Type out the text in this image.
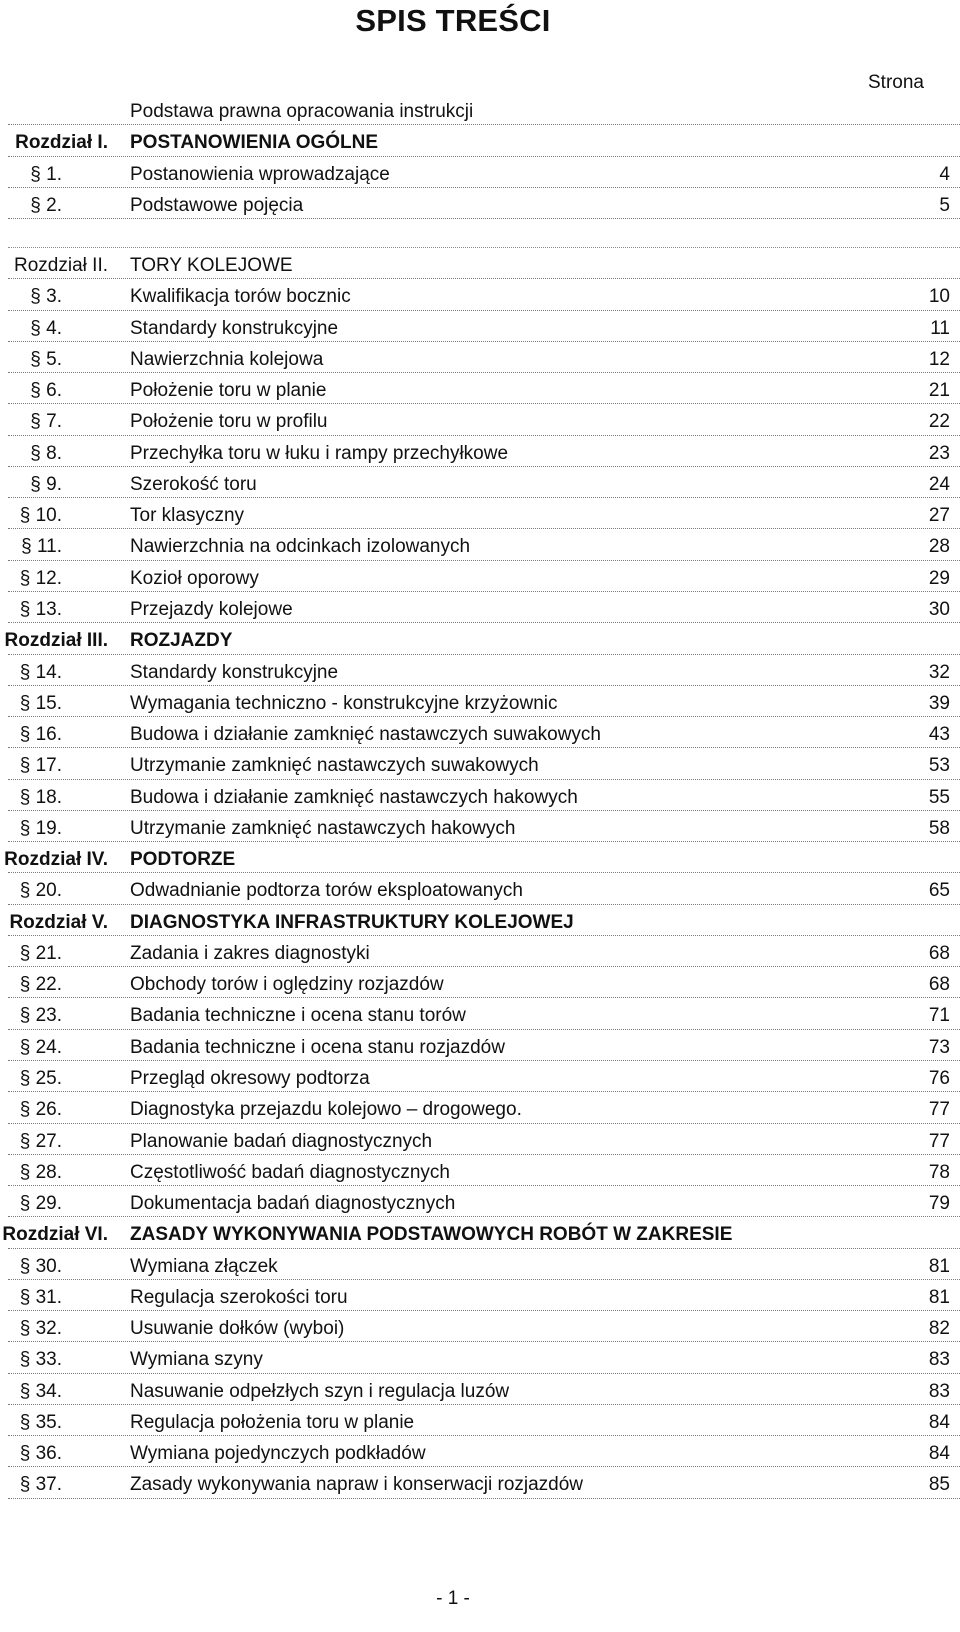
SPIS TREŚCI
Strona
Podstawa prawna opracowania instrukcji
Rozdział I. POSTANOWIENIA OGÓLNE
§ 1.	Postanowienia wprowadzające	4
§ 2.	Podstawowe pojęcia	5
Rozdział II. TORY KOLEJOWE
§ 3.	Kwalifikacja torów bocznic	10
§ 4.	Standardy konstrukcyjne	11
§ 5.	Nawierzchnia kolejowa	12
§ 6.	Położenie toru w planie	21
§ 7.	Położenie toru w profilu	22
§ 8.	Przechyłka toru w łuku i rampy przechyłkowe	23
§ 9.	Szerokość toru	24
§ 10.	Tor klasyczny	27
§ 11.	Nawierzchnia na odcinkach izolowanych	28
§ 12.	Kozioł oporowy	29
§ 13.	Przejazdy kolejowe	30
Rozdział III. ROZJAZDY
§ 14.	Standardy konstrukcyjne	32
§ 15.	Wymagania techniczno - konstrukcyjne krzyżownic	39
§ 16.	Budowa i działanie zamknięć nastawczych suwakowych	43
§ 17.	Utrzymanie zamknięć nastawczych suwakowych	53
§ 18.	Budowa i działanie zamknięć nastawczych hakowych	55
§ 19.	Utrzymanie zamknięć nastawczych hakowych	58
Rozdział IV. PODTORZE
§ 20.	Odwadnianie podtorza torów eksploatowanych	65
Rozdział V. DIAGNOSTYKA INFRASTRUKTURY KOLEJOWEJ
§ 21.	Zadania i zakres diagnostyki	68
§ 22.	Obchody torów i oględziny rozjazdów	68
§ 23.	Badania techniczne i ocena stanu torów	71
§ 24.	Badania techniczne i ocena stanu rozjazdów	73
§ 25.	Przegląd okresowy podtorza	76
§ 26.	Diagnostyka przejazdu kolejowo – drogowego.	77
§ 27.	Planowanie badań diagnostycznych	77
§ 28.	Częstotliwość badań diagnostycznych	78
§ 29.	Dokumentacja badań diagnostycznych	79
Rozdział VI. ZASADY WYKONYWANIA PODSTAWOWYCH ROBÓT W ZAKRESIE
§ 30.	Wymiana złączek	81
§ 31.	Regulacja szerokości toru	81
§ 32.	Usuwanie dołków (wyboi)	82
§ 33.	Wymiana szyny	83
§ 34.	Nasuwanie odpełzłych szyn i regulacja luzów	83
§ 35.	Regulacja położenia toru w planie	84
§ 36.	Wymiana pojedynczych podkładów	84
§ 37.	Zasady wykonywania napraw i konserwacji rozjazdów	85
- 1 -
